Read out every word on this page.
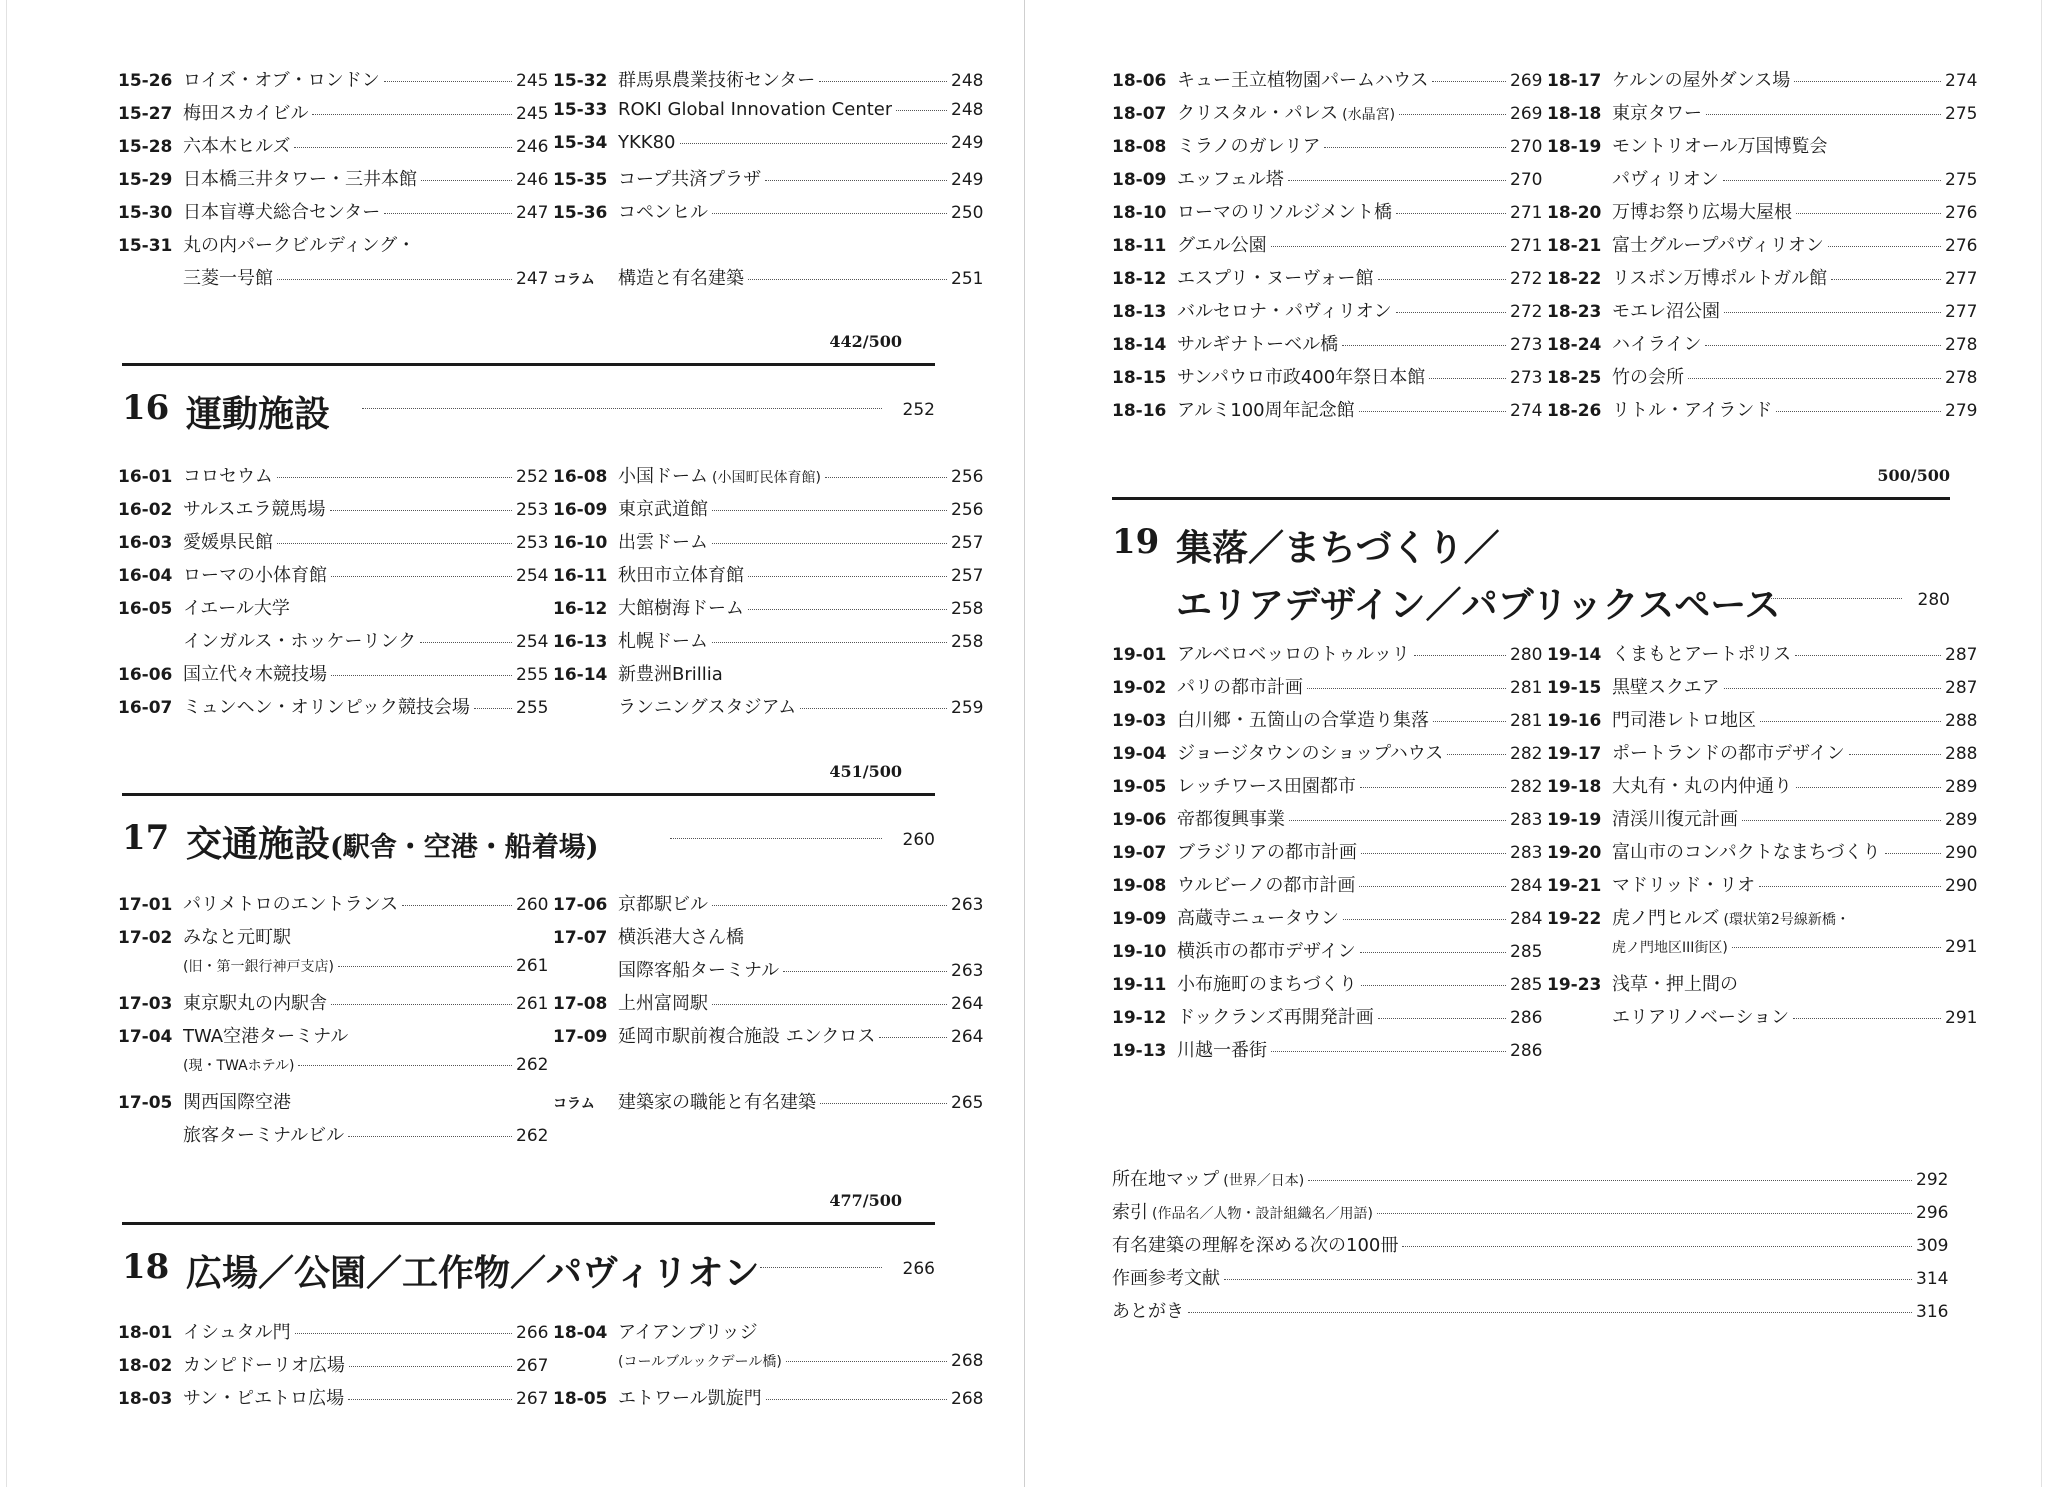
15-26 ロイズ・オブ・ロンドン	245
15-27 梅田スカイビル	245
15-28 六本木ヒルズ	246
15-29 日本橋三井タワー・三井本館	246
15-30 日本盲導犬総合センター	247
15-31 丸の内パークビルディング・
三菱一号館	247
15-32 群馬県農業技術センター	248
15-33 ROKI Global Innovation Center	248
15-34 YKK80	249
15-35 コープ共済プラザ	249
15-36 コペンヒル	250
コラム	構造と有名建築	251
442/500
16 運動施設	252
16-01 コロセウム	252
16-02 サルスエラ競馬場	253
16-03 愛媛県民館	253
16-04 ローマの小体育館	254
16-05 イエール大学
インガルス・ホッケーリンク	254
16-06 国立代々木競技場	255
16-07 ミュンヘン・オリンピック競技会場	255
16-08 小国ドーム (小国町民体育館)	256
16-09 東京武道館	256
16-10 出雲ドーム	257
16-11 秋田市立体育館	257
16-12 大館樹海ドーム	258
16-13 札幌ドーム	258
16-14 新豊洲Brillia
ランニングスタジアム	259
451/500
17 交通施設(駅舎・空港・船着場)	260
17-01 パリメトロのエントランス	260
17-02 みなと元町駅
(旧・第一銀行神戸支店)	261
17-03 東京駅丸の内駅舎	261
17-04 TWA空港ターミナル
(現・TWAホテル)	262
17-05 関西国際空港
旅客ターミナルビル	262
17-06 京都駅ビル	263
17-07 横浜港大さん橋
国際客船ターミナル	263
17-08 上州富岡駅	264
17-09 延岡市駅前複合施設 エンクロス	264
コラム	建築家の職能と有名建築	265
477/500
18 広場／公園／工作物／パヴィリオン	266
18-01 イシュタル門	266
18-02 カンピドーリオ広場	267
18-03 サン・ピエトロ広場	267
18-04 アイアンブリッジ
(コールブルックデール橋)	268
18-05 エトワール凱旋門	268
18-06 キュー王立植物園パームハウス	269
18-07 クリスタル・パレス (水晶宮)	269
18-08 ミラノのガレリア	270
18-09 エッフェル塔	270
18-10 ローマのリソルジメント橋	271
18-11 グエル公園	271
18-12 エスプリ・ヌーヴォー館	272
18-13 バルセロナ・パヴィリオン	272
18-14 サルギナトーベル橋	273
18-15 サンパウロ市政400年祭日本館	273
18-16 アルミ100周年記念館	274
18-17 ケルンの屋外ダンス場	274
18-18 東京タワー	275
18-19 モントリオール万国博覧会
パヴィリオン	275
18-20 万博お祭り広場大屋根	276
18-21 富士グループパヴィリオン	276
18-22 リスボン万博ポルトガル館	277
18-23 モエレ沼公園	277
18-24 ハイライン	278
18-25 竹の会所	278
18-26 リトル・アイランド	279
500/500
19 集落／まちづくり／
エリアデザイン／パブリックスペース	280
19-01 アルベロベッロのトゥルッリ	280
19-02 パリの都市計画	281
19-03 白川郷・五箇山の合掌造り集落	281
19-04 ジョージタウンのショップハウス	282
19-05 レッチワース田園都市	282
19-06 帝都復興事業	283
19-07 ブラジリアの都市計画	283
19-08 ウルビーノの都市計画	284
19-09 高蔵寺ニュータウン	284
19-10 横浜市の都市デザイン	285
19-11 小布施町のまちづくり	285
19-12 ドックランズ再開発計画	286
19-13 川越一番街	286
19-14 くまもとアートポリス	287
19-15 黒壁スクエア	287
19-16 門司港レトロ地区	288
19-17 ポートランドの都市デザイン	288
19-18 大丸有・丸の内仲通り	289
19-19 清渓川復元計画	289
19-20 富山市のコンパクトなまちづくり	290
19-21 マドリッド・リオ	290
19-22 虎ノ門ヒルズ (環状第2号線新橋・
虎ノ門地区III街区)	291
19-23 浅草・押上間の
エリアリノベーション	291
所在地マップ (世界／日本)	292
索引 (作品名／人物・設計組織名／用語)	296
有名建築の理解を深める次の100冊	309
作画参考文献	314
あとがき	316
